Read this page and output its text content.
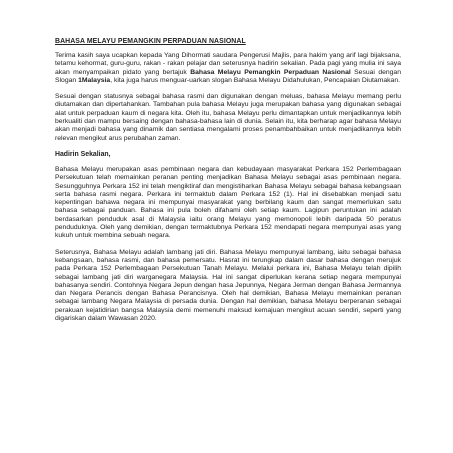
BAHASA MELAYU PEMANGKIN PERPADUAN NASIONAL

Terima kasih saya ucapkan kepada Yang Dihormati saudara Pengerusi Majlis, para hakim yang arif lagi bijaksana, tetamu kehormat, guru-guru, rakan - rakan pelajar dan seterusnya hadirin sekalian. Pada pagi yang mulia ini saya akan menyampaikan pidato yang bertajuk Bahasa Melayu Pemangkin Perpaduan Nasional Sesuai dengan Slogan 1Malaysia, kita juga harus menguar-uarkan slogan Bahasa Melayu Didahulukan, Pencapaian Diutamakan.

Sesuai dengan statusnya sebagai bahasa rasmi dan digunakan dengan meluas, bahasa Melayu memang perlu diutamakan dan dipertahankan. Tambahan pula bahasa Melayu juga merupakan bahasa yang digunakan sebagai alat untuk perpaduan kaum di negara kita. Oleh itu, bahasa Melayu perlu dimantapkan untuk menjadikannya lebih berkualiti dan mampu bersaing dengan bahasa-bahasa lain di dunia. Selain itu, kita berharap agar bahasa Melayu akan menjadi bahasa yang dinamik dan sentiasa mengalami proses penambahbaikan untuk menjadikannya lebih relevan mengikut arus perubahan zaman.

Hadirin Sekalian,

Bahasa Melayu merupakan asas pembinaan negara dan kebudayaan masyarakat Perkara 152 Perlembagaan Persekutuan telah memainkan peranan penting menjadikan Bahasa Melayu sebagai asas pembinaan negara. Sesungguhnya Perkara 152 ini telah mengiktiraf dan mengistiharkan Bahasa Melayu sebagai bahasa kebangsaan serta bahasa rasmi negara. Perkara ini termaktub dalam Perkara 152 (1). Hal ini disebabkan menjadi satu kepentingan bahawa negara ini mempunyai masyarakat yang berbilang kaum dan sangat memerlukan satu bahasa sebagai panduan. Bahasa ini pula boleh difahami oleh setiap kaum. Lagipun peruntukan ini adalah berdasarkan penduduk asal di Malaysia iaitu orang Melayu yang memonopoli lebih daripada 50 peratus penduduknya. Oleh yang demikian, dengan termaktubnya Perkara 152 mendapati negara mempunyai asas yang kukuh untuk membina sebuah negara.

Seterusnya, Bahasa Melayu adalah lambang jati diri. Bahasa Melayu mempunyai lambang, iaitu sebagai bahasa kebangsaan, bahasa rasmi, dan bahasa pemersatu. Hasrat ini terungkap dalam dasar bahasa dengan merujuk pada Perkara 152 Perlembagaan Persekutuan Tanah Melayu. Melalui perkara ini, Bahasa Melayu telah dipilih sebagai lambang jati diri warganegara Malaysia. Hal ini sangat diperlukan kerana setiap negara mempunyai bahasanya sendiri. Contohnya Negara Jepun dengan hasa Jepunnya, Negara Jerman dengan Bahasa Jermannya dan Negara Perancis dengan Bahasa Perancisnya. Oleh hal demikian, Bahasa Melayu memainkan peranan sebagai lambang Negara Malaysia di persada dunia. Dengan hal demikian, bahasa Melayu berperanan sebagai perakuan kejatidirian bangsa Malaysia demi memenuhi maksud kemajuan mengikut acuan sendiri, seperti yang digariskan dalam Wawasan 2020.
